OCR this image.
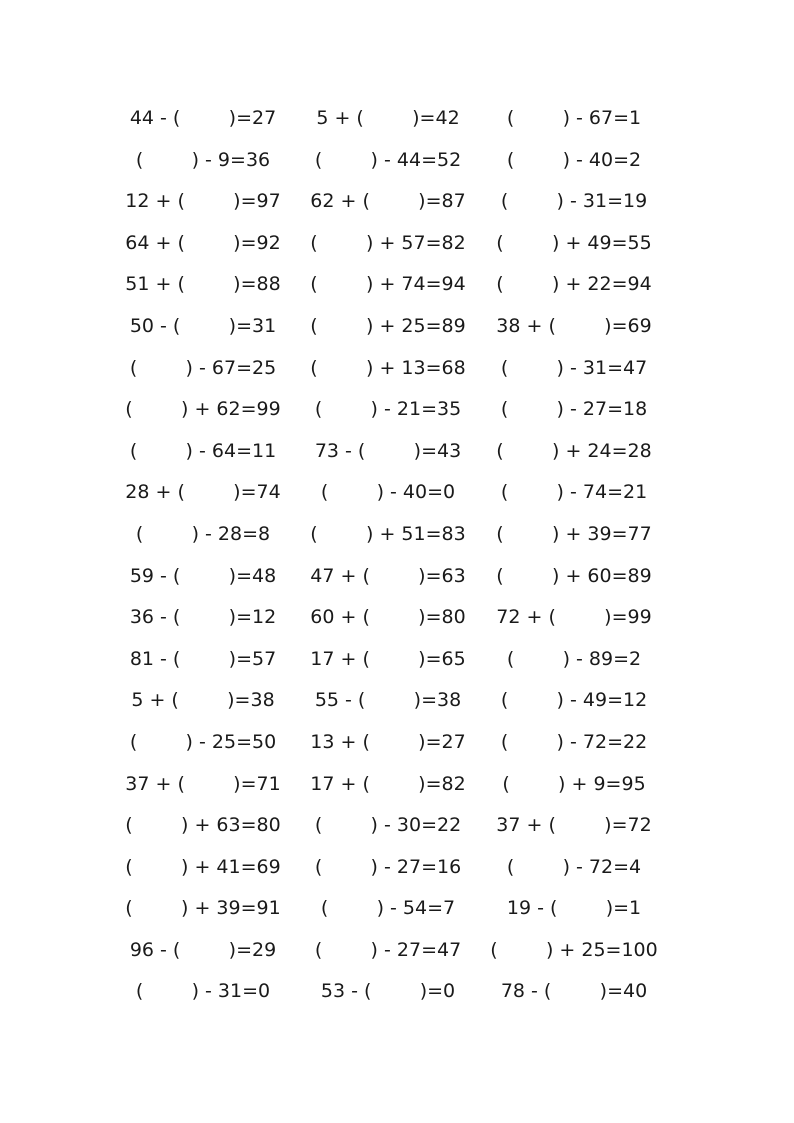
44 - (        )=27	5 + (        )=42	(        ) - 67=1
(        ) - 9=36	(        ) - 44=52	(        ) - 40=2
12 + (        )=97	62 + (        )=87	(        ) - 31=19
64 + (        )=92	(        ) + 57=82	(        ) + 49=55
51 + (        )=88	(        ) + 74=94	(        ) + 22=94
50 - (        )=31	(        ) + 25=89	38 + (        )=69
(        ) - 67=25	(        ) + 13=68	(        ) - 31=47
(        ) + 62=99	(        ) - 21=35	(        ) - 27=18
(        ) - 64=11	73 - (        )=43	(        ) + 24=28
28 + (        )=74	(        ) - 40=0	(        ) - 74=21
(        ) - 28=8	(        ) + 51=83	(        ) + 39=77
59 - (        )=48	47 + (        )=63	(        ) + 60=89
36 - (        )=12	60 + (        )=80	72 + (        )=99
81 - (        )=57	17 + (        )=65	(        ) - 89=2
5 + (        )=38	55 - (        )=38	(        ) - 49=12
(        ) - 25=50	13 + (        )=27	(        ) - 72=22
37 + (        )=71	17 + (        )=82	(        ) + 9=95
(        ) + 63=80	(        ) - 30=22	37 + (        )=72
(        ) + 41=69	(        ) - 27=16	(        ) - 72=4
(        ) + 39=91	(        ) - 54=7	19 - (        )=1
96 - (        )=29	(        ) - 27=47	(        ) + 25=100
(        ) - 31=0	53 - (        )=0	78 - (        )=40
